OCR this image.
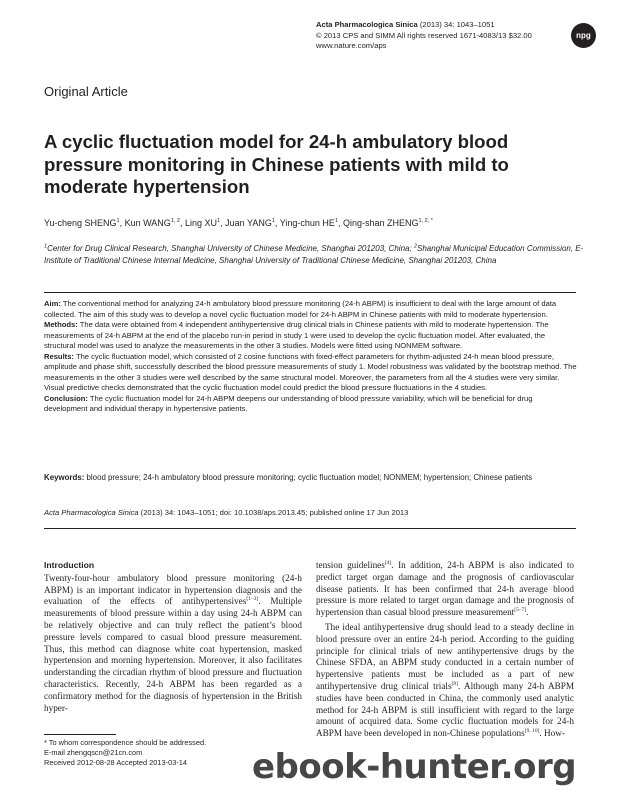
Acta Pharmacologica Sinica (2013) 34: 1043–1051
© 2013 CPS and SIMM All rights reserved 1671-4083/13 $32.00
www.nature.com/aps
npg
Original Article
A cyclic fluctuation model for 24-h ambulatory blood pressure monitoring in Chinese patients with mild to moderate hypertension
Yu-cheng SHENG$^1$, Kun WANG$^{1, 2}$, Ling $XU^1$, Juan YANG$^1$, Ying-chun $HE^1$, Qing-shan $ZHENG^{1, 2, *}$
$^1$Center for Drug Clinical Research, Shanghai University of Chinese Medicine, Shanghai 201203, China; $^2$Shanghai Municipal Education Commission, E-Institute of Traditional Chinese Internal Medicine, Shanghai University of Traditional Chinese Medicine, Shanghai 201203, China

Aim: The conventional method for analyzing 24-h ambulatory blood pressure monitoring (24-h ABPM) is insufficient to deal with the large amount of data collected. The aim of this study was to develop a novel cyclic fluctuation model for 24-h ABPM in Chinese patients with mild to moderate hypertension.

Methods: The data were obtained from 4 independent antihypertensive drug clinical trials in Chinese patients with mild to moderate hypertension. The measurements of 24-h ABPM at the end of the placebo run-in period in study 1 were used to develop the cyclic fluctuation model. After evaluated, the structural model was used to analyze the measurements in the other 3 studies. Models were fitted using NONMEM software.

Results: The cyclic fluctuation model, which consisted of 2 cosine functions with fixed-effect parameters for rhythm-adjusted 24-h mean blood pressure, amplitude and phase shift, successfully described the blood pressure measurements of study 1. Model robustness was validated by the bootstrap method. The measurements in the other 3 studies were well described by the same structural model. Moreover, the parameters from all the 4 studies were very similar. Visual predictive checks demonstrated that the cyclic fluctuation model could predict the blood pressure fluctuations in the 4 studies.

Conclusion: The cyclic fluctuation model for 24-h ABPM deepens our understanding of blood pressure variability, which will be beneficial for drug development and individual therapy in hypertensive patients.

Keywords: blood pressure; 24-h ambulatory blood pressure monitoring; cyclic fluctuation model; NONMEM; hypertension; Chinese patients
Acta Pharmacologica Sinica (2013) 34: 1043–1051; doi: 10.1038/aps.2013.45; published online 17 Jun 2013
Introduction

Twenty-four-hour ambulatory blood pressure monitoring (24-h ABPM) is an important indicator in hypertension diagnosis and the evaluation of the effects of antihypertensives[1–3]. Multiple measurements of blood pressure within a day using 24-h ABPM can be relatively objective and can truly reflect the patient’s blood pressure levels compared to casual blood pressure measurement. Thus, this method can diagnose white coat hypertension, masked hypertension and morning hypertension. Moreover, it also facilitates understanding the circadian rhythm of blood pressure and fluctuation characteristics. Recently, 24-h ABPM has been regarded as a confirmatory method for the diagnosis of hypertension in the British hyper-

tension guidelines[4]. In addition, 24-h ABPM is also indicated to predict target organ damage and the prognosis of cardiovascular disease patients. It has been confirmed that 24-h average blood pressure is more related to target organ damage and the prognosis of hypertension than casual blood pressure measurement[5–7].

The ideal antihypertensive drug should lead to a steady decline in blood pressure over an entire 24-h period. According to the guiding principle for clinical trials of new antihypertensive drugs by the Chinese SFDA, an ABPM study conducted in a certain number of hypertensive patients must be included as a part of new antihypertensive drug clinical trials[8]. Although many 24-h ABPM studies have been conducted in China, the commonly used analytic method for 24-h ABPM is still insufficient with regard to the large amount of acquired data. Some cyclic fluctuation models for 24-h ABPM have been developed in non-Chinese populations[9, 10]. How-

* To whom correspondence should be addressed.
E-mail zhengqscn@21cn.com
Received 2012-08-28 Accepted 2013-03-14	ebook-hunter.org
